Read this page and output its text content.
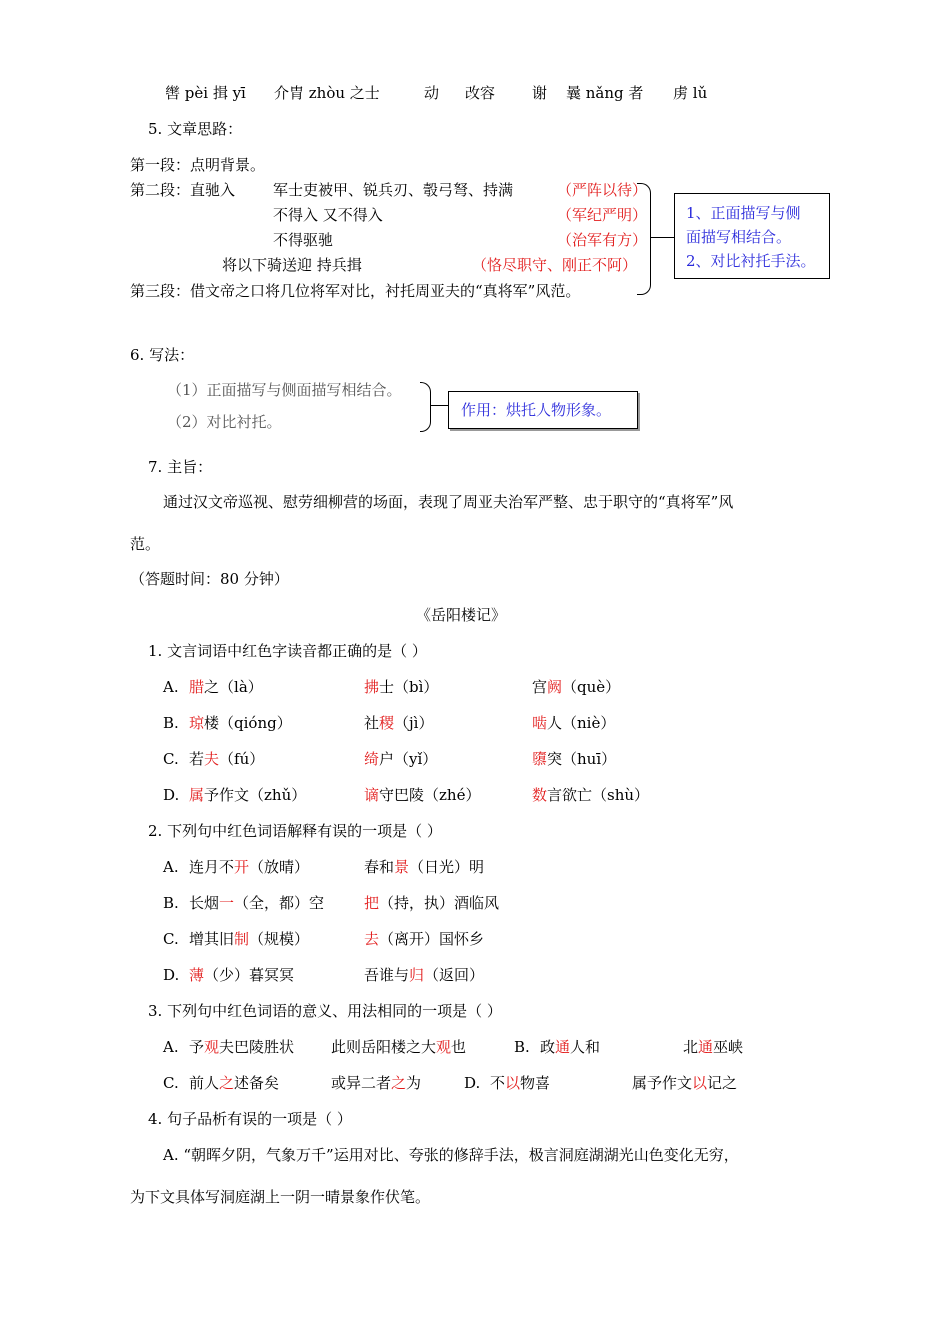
辔 pèi 揖 yī 介胄 zhòu 之士	动 改容 谢 曩 nǎng 者 虏 lǔ
5. 文章思路：
第一段：点明背景。
第二段：直驰入	军士吏被甲、锐兵刃、彀弓弩、持满	（严阵以待）
不得入 又不得入	（军纪严明）
不得驱驰	（治军有方）
将以下骑送迎 持兵揖	（恪尽职守、刚正不阿）
第三段：借文帝之口将几位将军对比，衬托周亚夫的“真将军”风范。
1、正面描写与侧
面描写相结合。
2、对比衬托手法。
6. 写法：
（1）正面描写与侧面描写相结合。
（2）对比衬托。
作用：烘托人物形象。
7. 主旨：
通过汉文帝巡视、慰劳细柳营的场面，表现了周亚夫治军严整、忠于职守的“真将军”风
范。
（答题时间：80 分钟）
《岳阳楼记》
1. 文言词语中红色字读音都正确的是（ ）
A. 腊之（là）	拂士（bì）	宫阙（què）
B. 琼楼（qióng）	社稷（jì）	啮人（niè）
C. 若夫（fú）	绮户（yǐ）	隳突（huī）
D. 属予作文（zhǔ）	谪守巴陵（zhé）	数言欲亡（shù）
2. 下列句中红色词语解释有误的一项是（ ）
A. 连月不开（放晴）	春和景（日光）明
B. 长烟一（全，都）空	把（持，执）酒临风
C. 增其旧制（规模）	去（离开）国怀乡
D. 薄（少）暮冥冥	吾谁与归（返回）
3. 下列句中红色词语的意义、用法相同的一项是（ ）
A. 予观夫巴陵胜状 此则岳阳楼之大观也	B. 政通人和	北通巫峡
C. 前人之述备矣	或异二者之为	D. 不以物喜	属予作文以记之
4. 句子品析有误的一项是（ ）
A. “朝晖夕阴，气象万千”运用对比、夸张的修辞手法，极言洞庭湖湖光山色变化无穷，
为下文具体写洞庭湖上一阴一晴景象作伏笔。
